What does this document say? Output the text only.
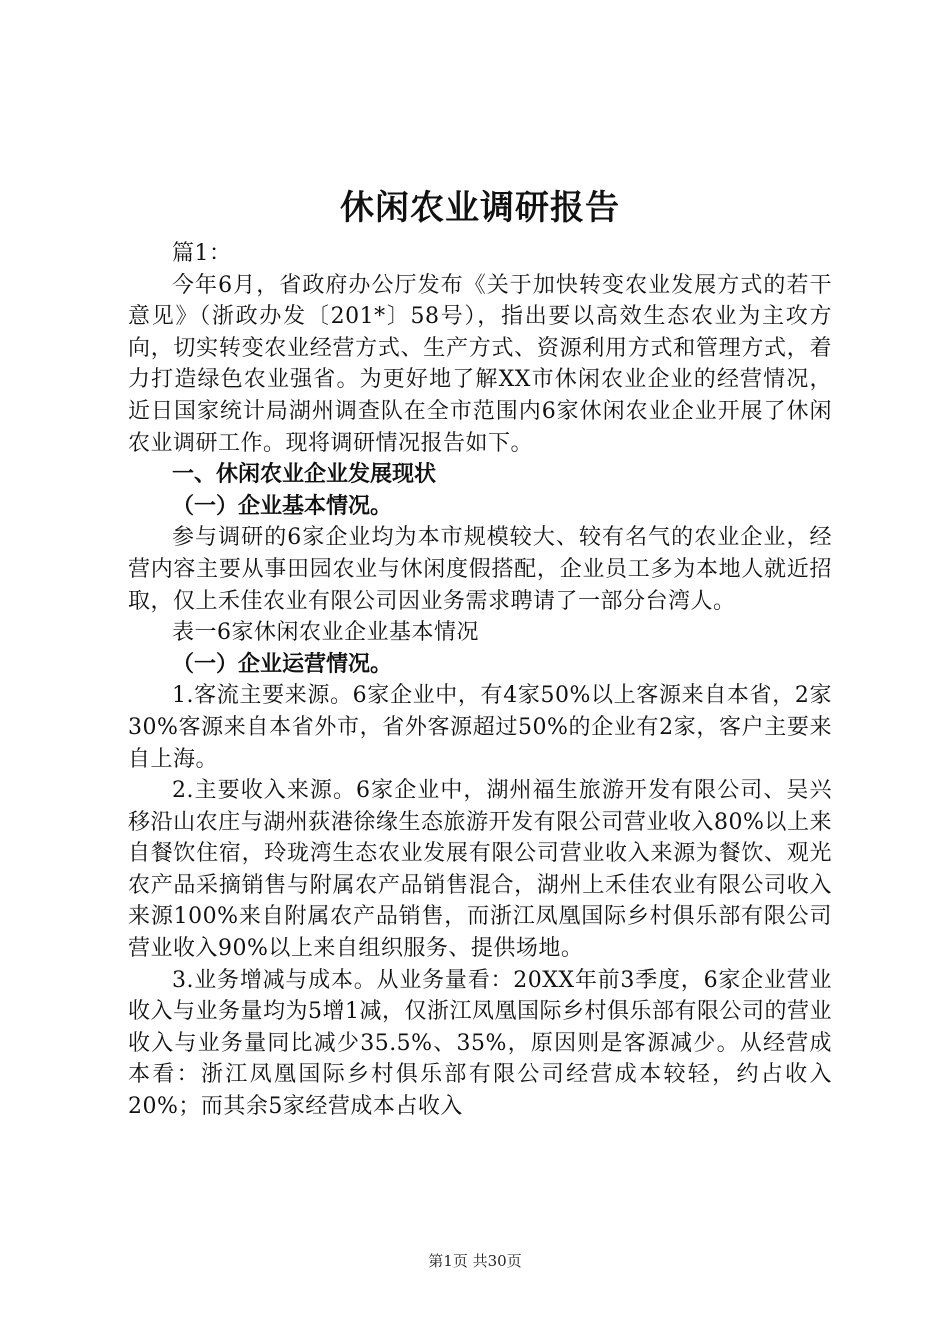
休闲农业调研报告

篇1：

今年6月，省政府办公厅发布《关于加快转变农业发展方式的若干意见》（浙政办发〔201*〕58号），指出要以高效生态农业为主攻方向，切实转变农业经营方式、生产方式、资源利用方式和管理方式，着力打造绿色农业强省。为更好地了解XX市休闲农业企业的经营情况，近日国家统计局湖州调查队在全市范围内6家休闲农业企业开展了休闲农业调研工作。现将调研情况报告如下。

一、休闲农业企业发展现状

（一）企业基本情况。

参与调研的6家企业均为本市规模较大、较有名气的农业企业，经营内容主要从事田园农业与休闲度假搭配，企业员工多为本地人就近招取，仅上禾佳农业有限公司因业务需求聘请了一部分台湾人。

表一6家休闲农业企业基本情况

（一）企业运营情况。

1.客流主要来源。6家企业中，有4家50%以上客源来自本省，2家30%客源来自本省外市，省外客源超过50%的企业有2家，客户主要来自上海。

2.主要收入来源。6家企业中，湖州福生旅游开发有限公司、吴兴移沿山农庄与湖州荻港徐缘生态旅游开发有限公司营业收入80%以上来自餐饮住宿，玲珑湾生态农业发展有限公司营业收入来源为餐饮、观光农产品采摘销售与附属农产品销售混合，湖州上禾佳农业有限公司收入来源100%来自附属农产品销售，而浙江凤凰国际乡村俱乐部有限公司营业收入90%以上来自组织服务、提供场地。

3.业务增减与成本。从业务量看：20XX年前3季度，6家企业营业收入与业务量均为5增1减，仅浙江凤凰国际乡村俱乐部有限公司的营业收入与业务量同比减少35.5%、35%，原因则是客源减少。从经营成本看：浙江凤凰国际乡村俱乐部有限公司经营成本较轻，约占收入20%；而其余5家经营成本占收入

第1页 共30页
